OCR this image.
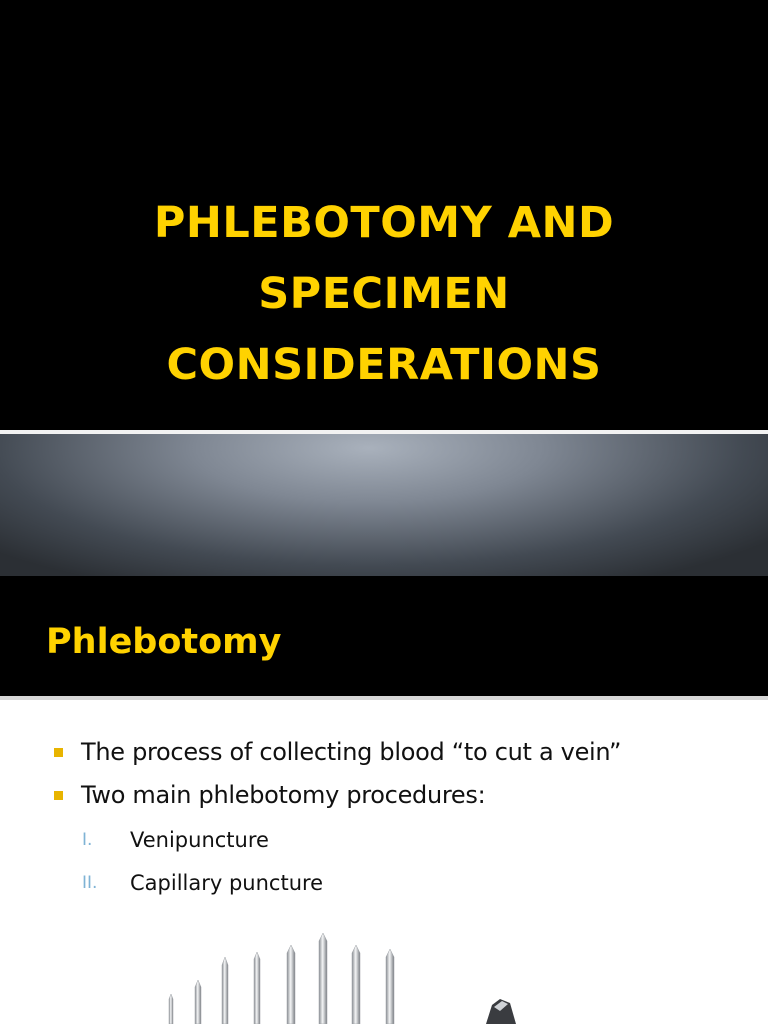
PHLEBOTOMY AND
SPECIMEN
CONSIDERATIONS
Phlebotomy
The process of collecting blood “to cut a vein”
Two main phlebotomy procedures:
I. Venipuncture
II. Capillary puncture
